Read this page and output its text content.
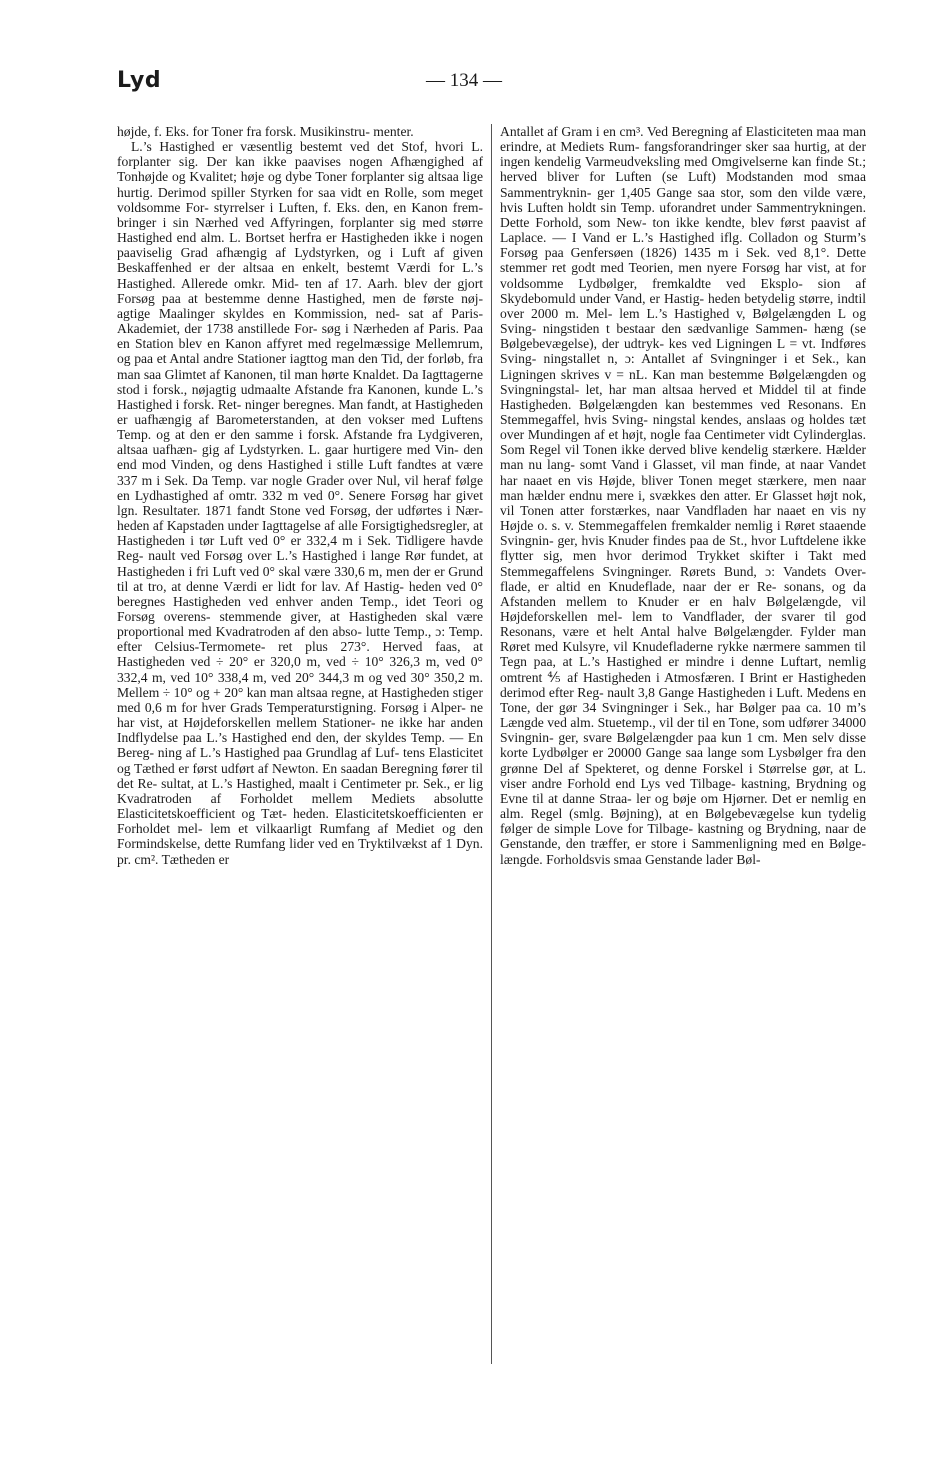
Lyd	— 134 —

højde, f. Eks. for Toner fra forsk. Musikinstru- menter.

L.’s Hastighed er væsentlig bestemt ved det Stof, hvori L. forplanter sig. Der kan ikke paavises nogen Afhængighed af Tonhøjde og Kvalitet; høje og dybe Toner forplanter sig altsaa lige hurtig. Derimod spiller Styrken for saa vidt en Rolle, som meget voldsomme For- styrrelser i Luften, f. Eks. den, en Kanon frem- bringer i sin Nærhed ved Affyringen, forplanter sig med større Hastighed end alm. L. Bortset herfra er Hastigheden ikke i nogen paaviselig Grad afhængig af Lydstyrken, og i Luft af given Beskaffenhed er der altsaa en enkelt, bestemt Værdi for L.’s Hastighed. Allerede omkr. Mid- ten af 17. Aarh. blev der gjort Forsøg paa at bestemme denne Hastighed, men de første nøj- agtige Maalinger skyldes en Kommission, ned- sat af Paris-Akademiet, der 1738 anstillede For- søg i Nærheden af Paris. Paa en Station blev en Kanon affyret med regelmæssige Mellemrum, og paa et Antal andre Stationer iagttog man den Tid, der forløb, fra man saa Glimtet af Kanonen, til man hørte Knaldet. Da Iagttagerne stod i forsk., nøjagtig udmaalte Afstande fra Kanonen, kunde L.’s Hastighed i forsk. Ret- ninger beregnes. Man fandt, at Hastigheden er uafhængig af Barometerstanden, at den vokser med Luftens Temp. og at den er den samme i forsk. Afstande fra Lydgiveren, altsaa uafhæn- gig af Lydstyrken. L. gaar hurtigere med Vin- den end mod Vinden, og dens Hastighed i stille Luft fandtes at være 337 m i Sek. Da Temp. var nogle Grader over Nul, vil heraf følge en Lydhastighed af omtr. 332 m ved 0°. Senere Forsøg har givet lgn. Resultater. 1871 fandt Stone ved Forsøg, der udførtes i Nær- heden af Kapstaden under Iagttagelse af alle Forsigtighedsregler, at Hastigheden i tør Luft ved 0° er 332,4 m i Sek. Tidligere havde Reg- nault ved Forsøg over L.’s Hastighed i lange Rør fundet, at Hastigheden i fri Luft ved 0° skal være 330,6 m, men der er Grund til at tro, at denne Værdi er lidt for lav. Af Hastig- heden ved 0° beregnes Hastigheden ved enhver anden Temp., idet Teori og Forsøg overens- stemmende giver, at Hastigheden skal være proportional med Kvadratroden af den abso- lutte Temp., ɔ: Temp. efter Celsius-Termomete- ret plus 273°. Herved faas, at Hastigheden ved ÷ 20° er 320,0 m, ved ÷ 10° 326,3 m, ved 0° 332,4 m, ved 10° 338,4 m, ved 20° 344,3 m og ved 30° 350,2 m. Mellem ÷ 10° og + 20° kan man altsaa regne, at Hastigheden stiger med 0,6 m for hver Grads Temperaturstigning. Forsøg i Alper- ne har vist, at Højdeforskellen mellem Stationer- ne ikke har anden Indflydelse paa L.’s Hastighed end den, der skyldes Temp. — En Bereg- ning af L.’s Hastighed paa Grundlag af Luf- tens Elasticitet og Tæthed er først udført af Newton. En saadan Beregning fører til det Re- sultat, at L.’s Hastighed, maalt i Centimeter pr. Sek., er lig Kvadratroden af Forholdet mellem Mediets absolutte Elasticitetskoefficient og Tæt- heden. Elasticitetskoefficienten er Forholdet mel- lem et vilkaarligt Rumfang af Mediet og den Formindskelse, dette Rumfang lider ved en Tryktilvækst af 1 Dyn. pr. cm². Tætheden er

Antallet af Gram i en cm³. Ved Beregning af Elasticiteten maa man erindre, at Mediets Rum- fangsforandringer sker saa hurtig, at der ingen kendelig Varmeudveksling med Omgivelserne kan finde St.; herved bliver for Luften (se Luft) Modstanden mod smaa Sammentryknin- ger 1,405 Gange saa stor, som den vilde være, hvis Luften holdt sin Temp. uforandret under Sammentrykningen. Dette Forhold, som New- ton ikke kendte, blev først paavist af Laplace. — I Vand er L.’s Hastighed iflg. Colladon og Sturm’s Forsøg paa Genfersøen (1826) 1435 m i Sek. ved 8,1°. Dette stemmer ret godt med Teorien, men nyere Forsøg har vist, at for voldsomme Lydbølger, fremkaldte ved Eksplo- sion af Skydebomuld under Vand, er Hastig- heden betydelig større, indtil over 2000 m. Mel- lem L.’s Hastighed v, Bølgelængden L og Sving- ningstiden t bestaar den sædvanlige Sammen- hæng (se Bølgebevægelse), der udtryk- kes ved Ligningen L = vt. Indføres Sving- ningstallet n, ɔ: Antallet af Svingninger i et Sek., kan Ligningen skrives v = nL. Kan man bestemme Bølgelængden og Svingningstal- let, har man altsaa herved et Middel til at finde Hastigheden. Bølgelængden kan bestemmes ved Resonans. En Stemmegaffel, hvis Sving- ningstal kendes, anslaas og holdes tæt over Mundingen af et højt, nogle faa Centimeter vidt Cylinderglas. Som Regel vil Tonen ikke derved blive kendelig stærkere. Hælder man nu lang- somt Vand i Glasset, vil man finde, at naar Vandet har naaet en vis Højde, bliver Tonen meget stærkere, men naar man hælder endnu mere i, svækkes den atter. Er Glasset højt nok, vil Tonen atter forstærkes, naar Vandfladen har naaet en vis ny Højde o. s. v. Stemmegaffelen fremkalder nemlig i Røret staaende Svingnin- ger, hvis Knuder findes paa de St., hvor Luftdelene ikke flytter sig, men hvor derimod Trykket skifter i Takt med Stemmegaffelens Svingninger. Rørets Bund, ɔ: Vandets Over- flade, er altid en Knudeflade, naar der er Re- sonans, og da Afstanden mellem to Knuder er en halv Bølgelængde, vil Højdeforskellen mel- lem to Vandflader, der svarer til god Resonans, være et helt Antal halve Bølgelængder. Fylder man Røret med Kulsyre, vil Knudefladerne rykke nærmere sammen til Tegn paa, at L.’s Hastighed er mindre i denne Luftart, nemlig omtrent ⅘ af Hastigheden i Atmosfæren. I Brint er Hastigheden derimod efter Reg- nault 3,8 Gange Hastigheden i Luft. Medens en Tone, der gør 34 Svingninger i Sek., har Bølger paa ca. 10 m’s Længde ved alm. Stuetemp., vil der til en Tone, som udfører 34000 Svingnin- ger, svare Bølgelængder paa kun 1 cm. Men selv disse korte Lydbølger er 20000 Gange saa lange som Lysbølger fra den grønne Del af Spekteret, og denne Forskel i Størrelse gør, at L. viser andre Forhold end Lys ved Tilbage- kastning, Brydning og Evne til at danne Straa- ler og bøje om Hjørner. Det er nemlig en alm. Regel (smlg. Bøjning), at en Bølgebevægelse kun tydelig følger de simple Love for Tilbage- kastning og Brydning, naar de Genstande, den træffer, er store i Sammenligning med en Bølge- længde. Forholdsvis smaa Genstande lader Bøl-
